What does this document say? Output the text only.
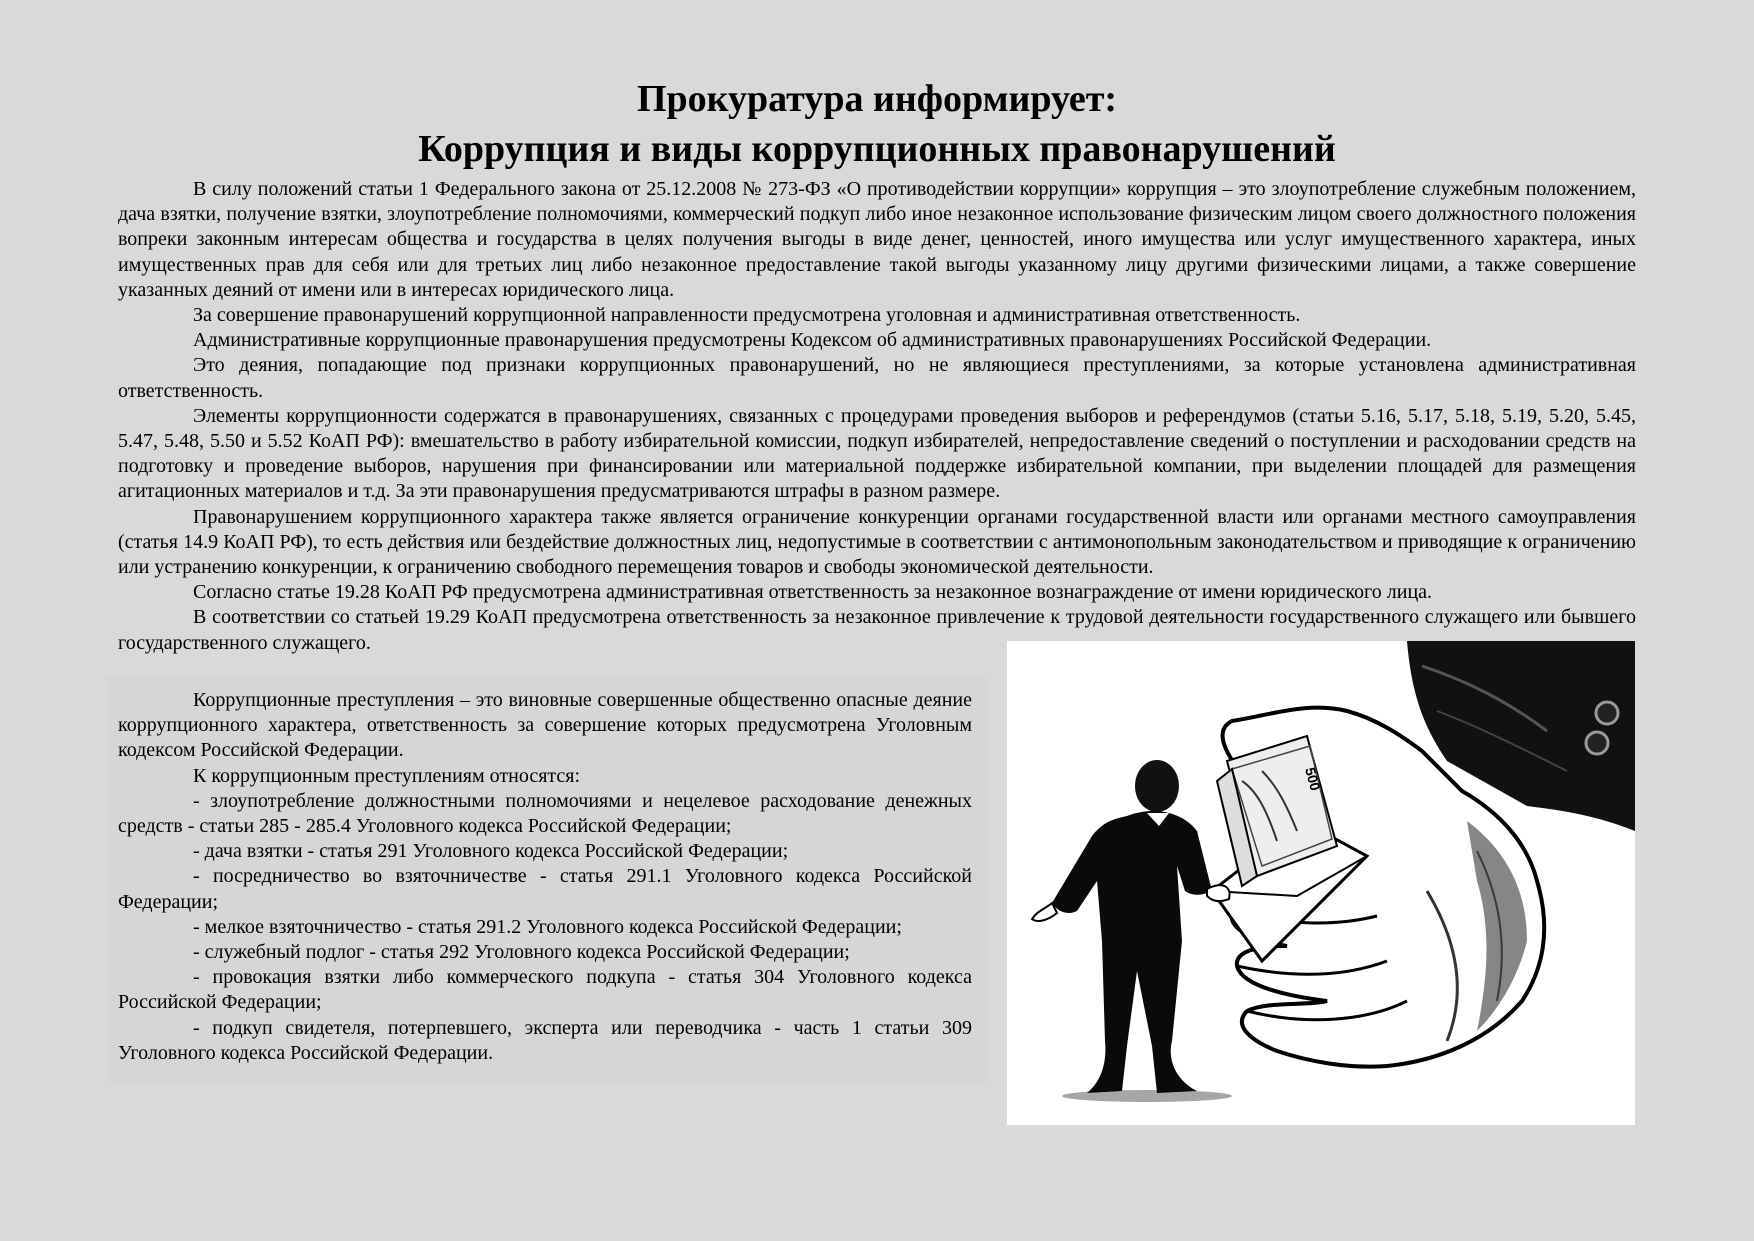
Прокуратура информирует:
Коррупция и виды коррупционных правонарушений

В силу положений статьи 1 Федерального закона от 25.12.2008 № 273-ФЗ «О противодействии коррупции» коррупция – это злоупотребление служебным положением, дача взятки, получение взятки, злоупотребление полномочиями, коммерческий подкуп либо иное незаконное использование физическим лицом своего должностного положения вопреки законным интересам общества и государства в целях получения выгоды в виде денег, ценностей, иного имущества или услуг имущественного характера, иных имущественных прав для себя или для третьих лиц либо незаконное предоставление такой выгоды указанному лицу другими физическими лицами, а также совершение указанных деяний от имени или в интересах юридического лица.

За совершение правонарушений коррупционной направленности предусмотрена уголовная и административная ответственность.

Административные коррупционные правонарушения предусмотрены Кодексом об административных правонарушениях Российской Федерации.

Это деяния, попадающие под признаки коррупционных правонарушений, но не являющиеся преступлениями, за которые установлена административная ответственность.

Элементы коррупционности содержатся в правонарушениях, связанных с процедурами проведения выборов и референдумов (статьи 5.16, 5.17, 5.18, 5.19, 5.20, 5.45, 5.47, 5.48, 5.50 и 5.52 КоАП РФ): вмешательство в работу избирательной комиссии, подкуп избирателей, непредоставление сведений о поступлении и расходовании средств на подготовку и проведение выборов, нарушения при финансировании или материальной поддержке избирательной компании, при выделении площадей для размещения агитационных материалов и т.д. За эти правонарушения предусматриваются штрафы в разном размере.

Правонарушением коррупционного характера также является ограничение конкуренции органами государственной власти или органами местного самоуправления (статья 14.9 КоАП РФ), то есть действия или бездействие должностных лиц, недопустимые в соответствии с антимонопольным законодательством и приводящие к ограничению или устранению конкуренции, к ограничению свободного перемещения товаров и свободы экономической деятельности.

Согласно статье 19.28 КоАП РФ предусмотрена административная ответственность за незаконное вознаграждение от имени юридического лица.

В соответствии со статьей 19.29 КоАП предусмотрена ответственность за незаконное привлечение к трудовой деятельности государственного служащего или бывшего государственного служащего.

Коррупционные преступления – это виновные совершенные общественно опасные деяние коррупционного характера, ответственность за совершение которых предусмотрена Уголовным кодексом Российской Федерации.

К коррупционным преступлениям относятся:

- злоупотребление должностными полномочиями и нецелевое расходование денежных средств - статьи 285 - 285.4 Уголовного кодекса Российской Федерации;

- дача взятки - статья 291 Уголовного кодекса Российской Федерации;

- посредничество во взяточничестве - статья 291.1 Уголовного кодекса Российской Федерации;

- мелкое взяточничество - статья 291.2 Уголовного кодекса Российской Федерации;

- служебный подлог - статья 292 Уголовного кодекса Российской Федерации;

- провокация взятки либо коммерческого подкупа - статья 304 Уголовного кодекса Российской Федерации;

- подкуп свидетеля, потерпевшего, эксперта или переводчика - часть 1 статьи 309 Уголовного кодекса Российской Федерации.

500
